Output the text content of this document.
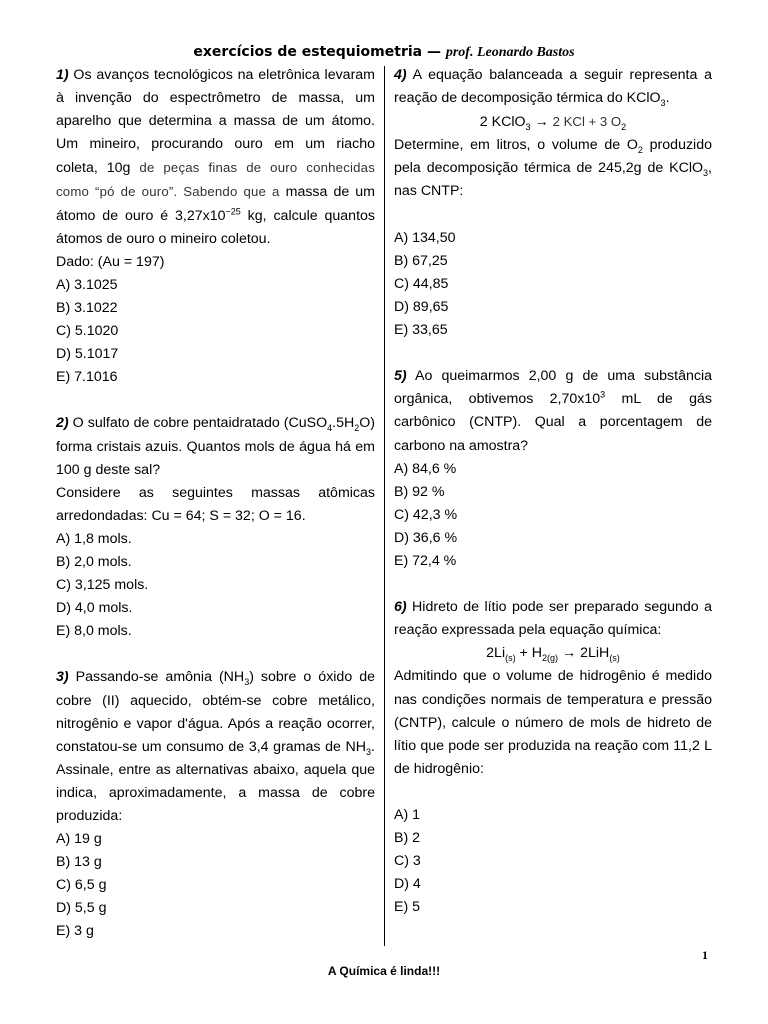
exercícios de estequiometria — prof. Leonardo Bastos
1) Os avanços tecnológicos na eletrônica levaram à invenção do espectrômetro de massa, um aparelho que determina a massa de um átomo. Um mineiro, procurando ouro em um riacho coleta, 10g de peças finas de ouro conhecidas como “pó de ouro”. Sabendo que a massa de um átomo de ouro é $3,27x10^{-25}$ kg, calcule quantos átomos de ouro o mineiro coletou.
Dado: (Au = 197)
A) 3.1025
B) 3.1022
C) 5.1020
D) 5.1017
E) 7.1016
2) O sulfato de cobre pentaidratado $(CuSO_4.5H_2O)$ forma cristais azuis. Quantos mols de água há em 100 g deste sal?
Considere as seguintes massas atômicas arredondadas: Cu = 64; S = 32; O = 16.
A) 1,8 mols.
B) 2,0 mols.
C) 3,125 mols.
D) 4,0 mols.
E) 8,0 mols.
3) Passando-se amônia $(NH_3)$ sobre o óxido de cobre (II) aquecido, obtém-se cobre metálico, nitrogênio e vapor d'água. Após a reação ocorrer, constatou-se um consumo de 3,4 gramas de $NH_3$. Assinale, entre as alternativas abaixo, aquela que indica, aproximadamente, a massa de cobre produzida:
A) 19 g
B) 13 g
C) 6,5 g
D) 5,5 g
E) 3 g
4) A equação balanceada a seguir representa a reação de decomposição térmica do KClO$_3$.
2 KClO$_3$ → 2 KCl + 3 $O_2$
Determine, em litros, o volume de $O_2$ produzido pela decomposição térmica de 245,2g de KClO$_3$, nas CNTP:
A) 134,50
B) 67,25
C) 44,85
D) 89,65
E) 33,65
5) Ao queimarmos 2,00 g de uma substância orgânica, obtivemos $2,70x10^3$ mL de gás carbônico (CNTP). Qual a porcentagem de carbono na amostra?
A) 84,6 %
B) 92 %
C) 42,3 %
D) 36,6 %
E) 72,4 %
6) Hidreto de lítio pode ser preparado segundo a reação expressada pela equação química:
$2Li_{(s)} + H_{2(g)} \to 2LiH_{(s)}$
Admitindo que o volume de hidrogênio é medido nas condições normais de temperatura e pressão (CNTP), calcule o número de mols de hidreto de lítio que pode ser produzida na reação com 11,2 L de hidrogênio:
A) 1
B) 2
C) 3
D) 4
E) 5
1
A Química é linda!!!
